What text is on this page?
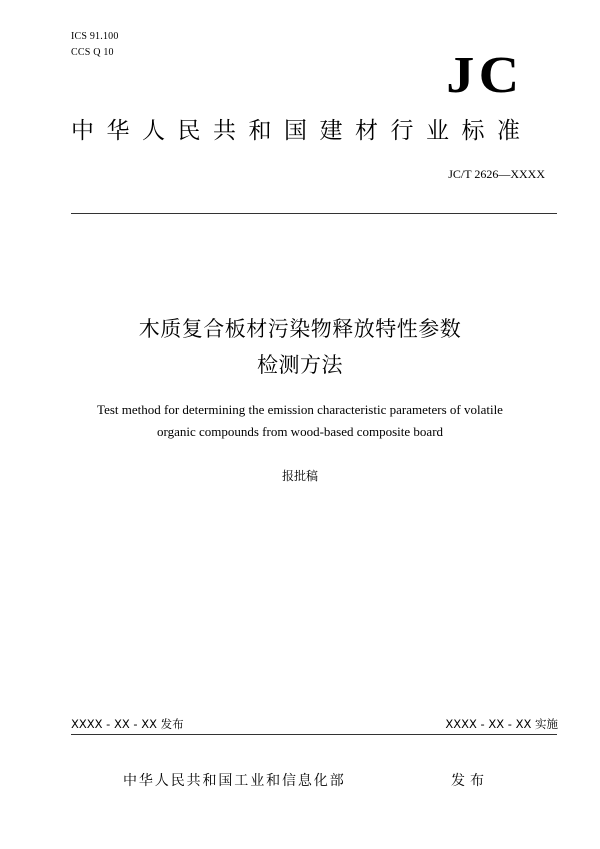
ICS 91.100
CCS Q 10	JC
中华人民共和国建材行业标准
JC/T 2626—XXXX
木质复合板材污染物释放特性参数
检测方法
Test method for determining the emission characteristic parameters of volatile
organic compounds from wood-based composite board
报批稿
XXXX - XX - XX 发布	XXXX - XX - XX 实施
中华人民共和国工业和信息化部	发布
